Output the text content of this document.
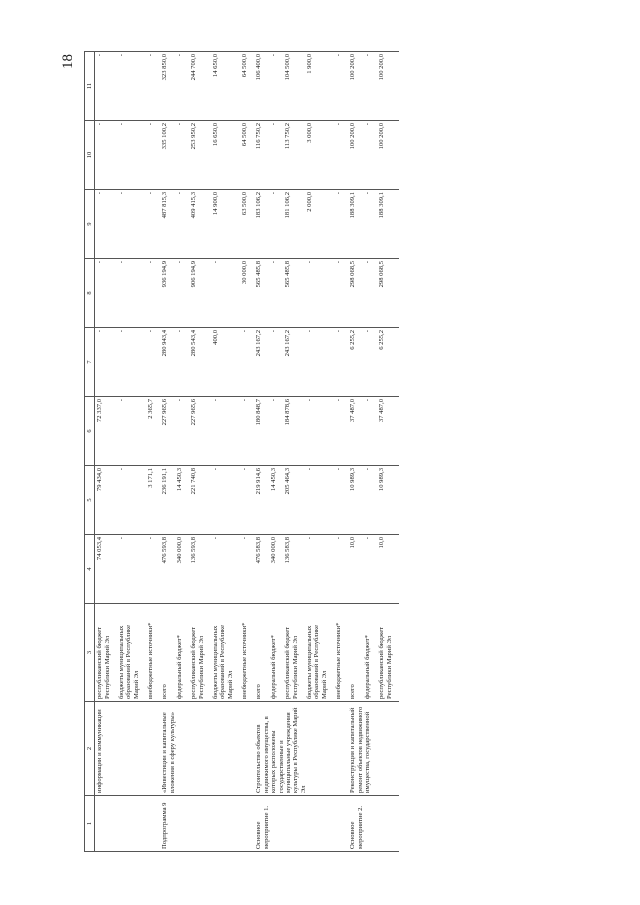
18
1	2	3	4	5	6	7	8	9	10	11
	информации и коммуникации	республиканский бюджет Республики Марий Эл	74 053,4	79 434,0	72 337,0	-	-	-	-	-
		бюджеты муниципальных образований в Республике Марий Эл	-	-	-	-	-	-	-	-
		внебюджетные источники*	-	3 171,1	2 365,7	-	-	-	-	-
Подпрограмма 9	«Инвестиции и капитальные вложения в сферу культуры»	всего	476 593,8	236 191,1	227 965,6	280 943,4	936 194,9	487 815,3	335 100,2	323 850,0
		федеральный бюджет*	340 000,0	14 450,3	-	-	-	-	-	-
		республиканский бюджет Республики Марий Эл	136 593,8	221 740,8	227 965,6	280 543,4	906 194,9	409 415,3	253 950,2	244 700,0
		бюджеты муниципальных образований в Республике Марий Эл	-	-	-	400,0	-	14 900,0	16 650,0	14 650,0
		внебюджетные источники*	-	-	-	-	30 000,0	63 500,0	64 500,0	64 500,0
Основное мероприятие 1.	Строительство объектов недвижимого имущества, в которых расположены государственные и муниципальные учреждения культуры в Республике Марий Эл	всего	476 583,8	219 914,6	180 848,7	243 167,2	565 485,8	183 106,2	116 750,2	106 400,0
		федеральный бюджет*	340 000,0	14 450,3	-	-	-	-	-	-
		республиканский бюджет Республики Марий Эл	136 583,8	205 464,3	184 878,6	243 167,2	565 485,8	181 106,2	113 750,2	104 500,0
		бюджеты муниципальных образований в Республике Марий Эл	-	-	-	-	-	2 000,0	3 000,0	1 900,0
		внебюджетные источники*	-	-	-	-	-	-	-	-
Основное мероприятие 2.	Реконструкция и капитальный ремонт объектов недвижимого имущества, государственной	всего	10,0	10 989,3	37 487,0	6 255,2	298 068,5	188 309,1	100 200,0	100 200,0
		федеральный бюджет*	-	-	-	-	-	-	-	-
		республиканский бюджет Республики Марий Эл	10,0	10 989,3	37 487,0	6 255,2	298 068,5	188 309,1	100 200,0	100 200,0
